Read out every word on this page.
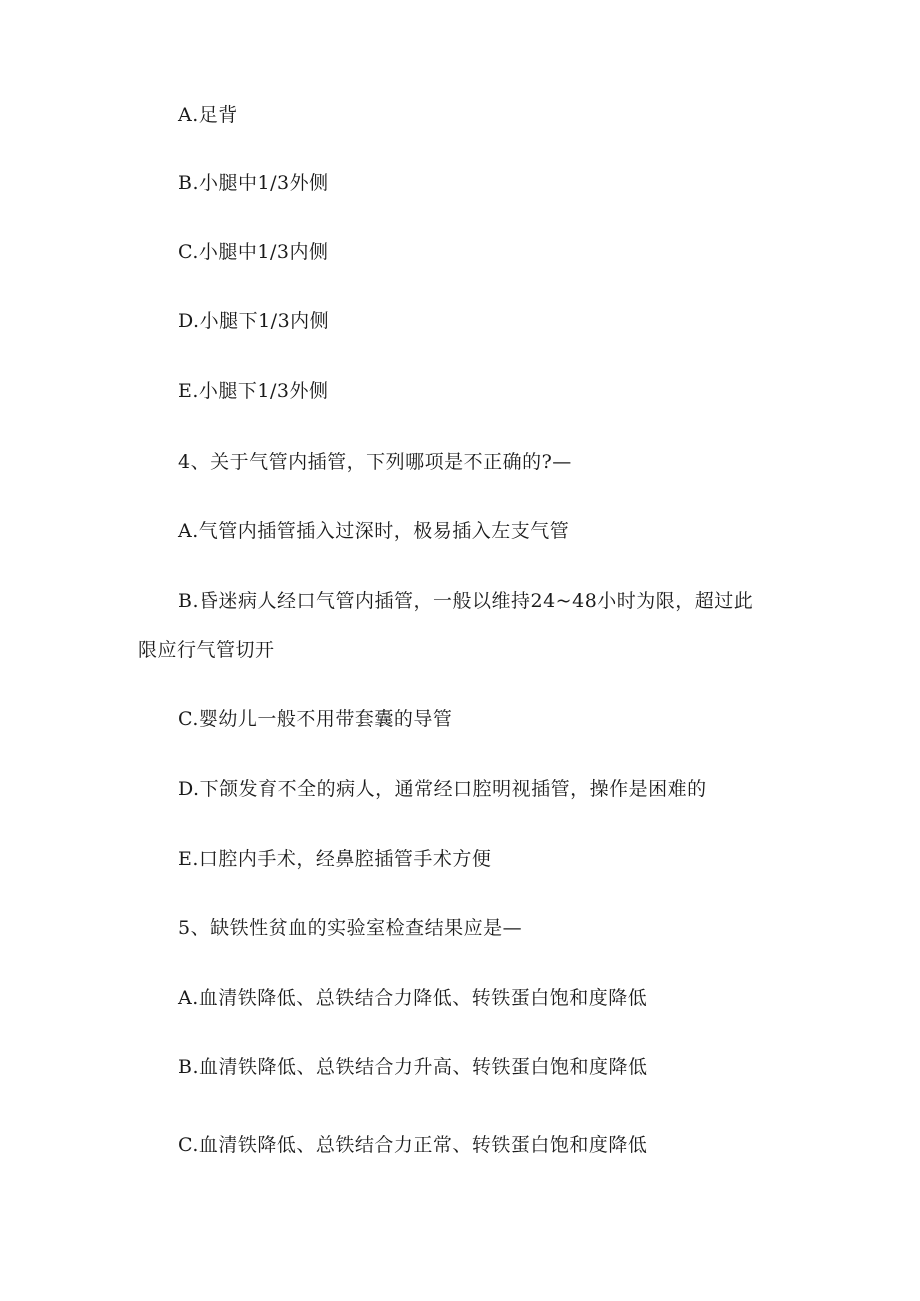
A.足背
B.小腿中1/3外侧
C.小腿中1/3内侧
D.小腿下1/3内侧
E.小腿下1/3外侧
4、关于气管内插管，下列哪项是不正确的?—
A.气管内插管插入过深时，极易插入左支气管
B.昏迷病人经口气管内插管，一般以维持24~48小时为限，超过此
限应行气管切开
C.婴幼儿一般不用带套囊的导管
D.下颌发育不全的病人，通常经口腔明视插管，操作是困难的
E.口腔内手术，经鼻腔插管手术方便
5、缺铁性贫血的实验室检查结果应是—
A.血清铁降低、总铁结合力降低、转铁蛋白饱和度降低
B.血清铁降低、总铁结合力升高、转铁蛋白饱和度降低
C.血清铁降低、总铁结合力正常、转铁蛋白饱和度降低
